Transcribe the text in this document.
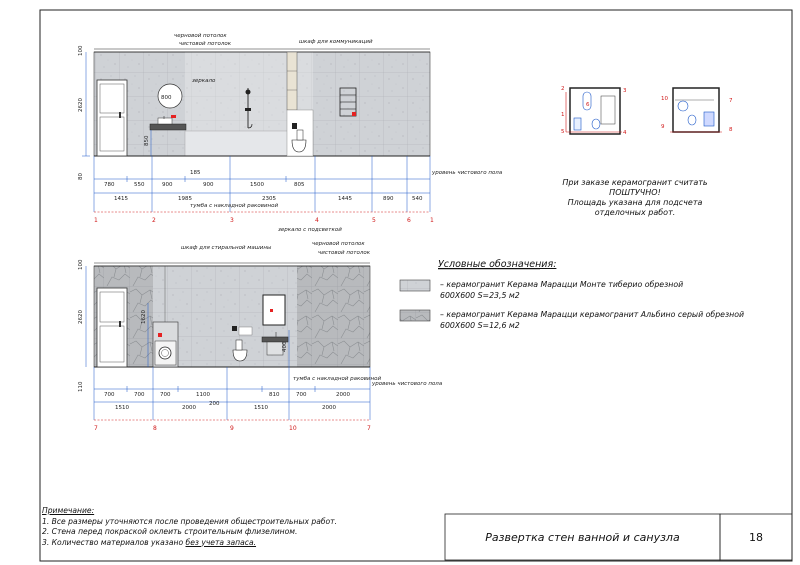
черновой потолок
чистовой потолок	шкаф для коммуникаций
зеркало
800
тумба с накладной раковиной
уровень чистового пола
2620
100
80
850
185
780	550	900	900	1500	805
1445	890	540
1415	1985	2305
1	2	3	4	5	6	1
зеркало с подсветкой
черновой потолок
чистовой потолок
шкаф для стиральной машины
тумба с накладной раковиной
уровень чистового пола
2620
100
110
1620
400
200
700	700	700	1100	810	700	2000
1510	2000	1510	2000
7	8	9	10	7
2	3
1
4
5
6
10	7
9	8
При заказе керамогранит считать
ПОШТУЧНО!
Площадь указана для подсчета
отделочных работ.
Условные обозначения:
– керамогранит Керама Марацци Монте тиберио обрезной
600X600 S=23,5 м2
– керамогранит Керама Марацци керамогранит Альбино серый обрезной
600X600 S=12,6 м2
Примечание:
1. Все размеры уточняются после проведения общестроительных работ.
2. Стена перед покраской оклеить строительным флизелином.
3. Количество материалов указано без учета запаса.	Развертка стен ванной и санузла	18
